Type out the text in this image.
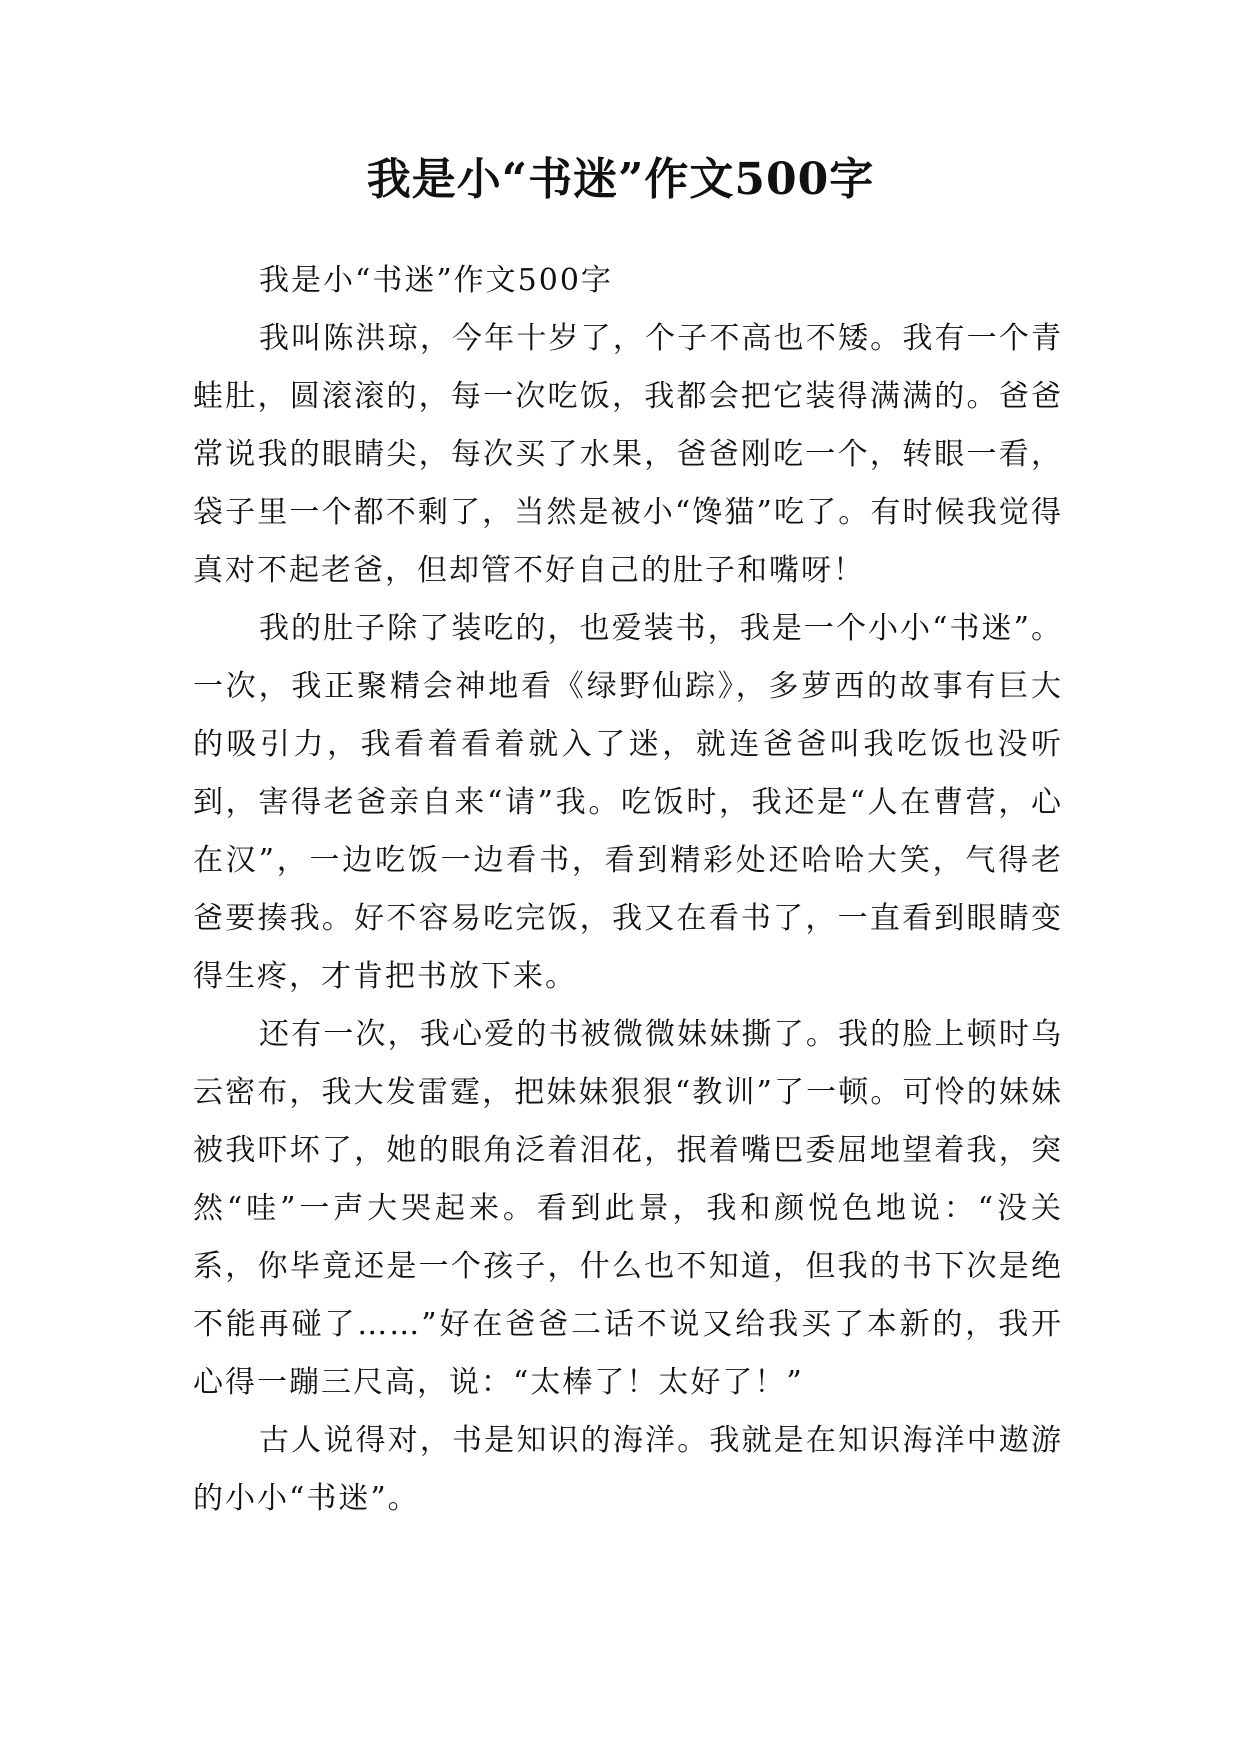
我是小“书迷”作文500字

我是小“书迷”作文500字

我叫陈洪琼，今年十岁了，个子不高也不矮。我有一个青蛙肚，圆滚滚的，每一次吃饭，我都会把它装得满满的。爸爸常说我的眼睛尖，每次买了水果，爸爸刚吃一个，转眼一看，袋子里一个都不剩了，当然是被小“馋猫”吃了。有时候我觉得真对不起老爸，但却管不好自己的肚子和嘴呀！

我的肚子除了装吃的，也爱装书，我是一个小小“书迷”。一次，我正聚精会神地看《绿野仙踪》，多萝西的故事有巨大的吸引力，我看着看着就入了迷，就连爸爸叫我吃饭也没听到，害得老爸亲自来“请”我。吃饭时，我还是“人在曹营，心在汉”，一边吃饭一边看书，看到精彩处还哈哈大笑，气得老爸要揍我。好不容易吃完饭，我又在看书了，一直看到眼睛变得生疼，才肯把书放下来。

还有一次，我心爱的书被微微妹妹撕了。我的脸上顿时乌云密布，我大发雷霆，把妹妹狠狠“教训”了一顿。可怜的妹妹被我吓坏了，她的眼角泛着泪花，抿着嘴巴委屈地望着我，突然“哇”一声大哭起来。看到此景，我和颜悦色地说：“没关系，你毕竟还是一个孩子，什么也不知道，但我的书下次是绝不能再碰了……”好在爸爸二话不说又给我买了本新的，我开心得一蹦三尺高，说：“太棒了！太好了！”

古人说得对，书是知识的海洋。我就是在知识海洋中遨游的小小“书迷”。
